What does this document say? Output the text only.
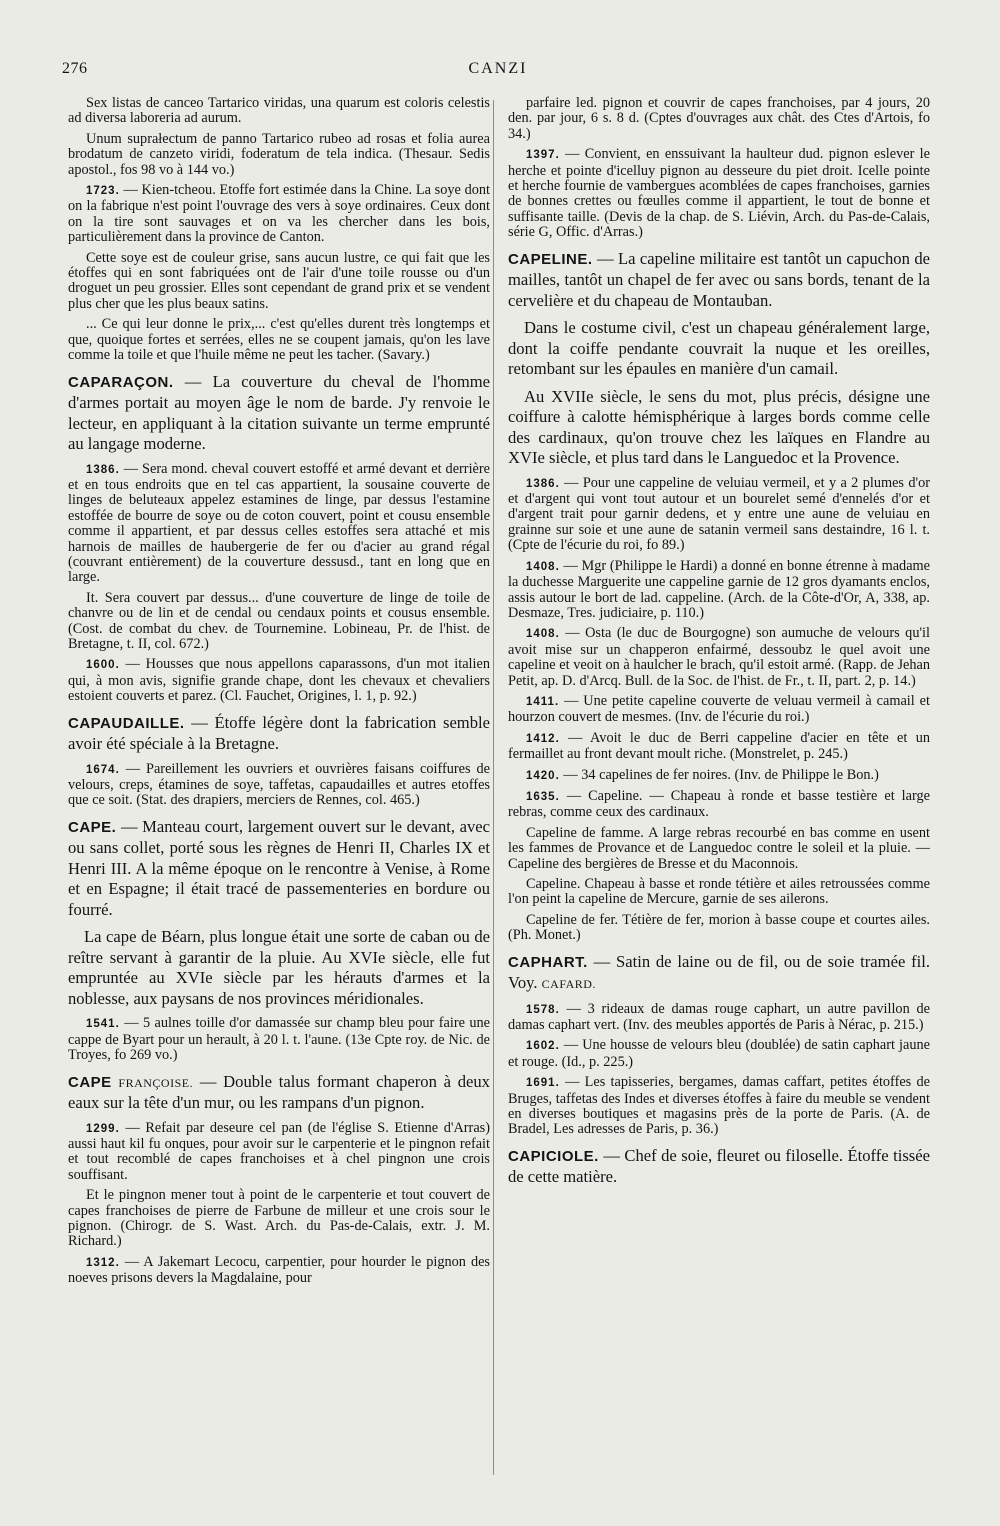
276	CANZI

Sex listas de canceo Tartarico viridas, una quarum est coloris celestis ad diversa laboreria ad aurum.

Unum suprałectum de panno Tartarico rubeo ad rosas et folia aurea brodatum de canzeto viridi, foderatum de tela indica. (Thesaur. Sedis apostol., fos 98 vo à 144 vo.)

1723. — Kien-tcheou. Etoffe fort estimée dans la Chine. La soye dont on la fabrique n'est point l'ouvrage des vers à soye ordinaires. Ceux dont on la tire sont sauvages et on va les chercher dans les bois, particulièrement dans la province de Canton.

Cette soye est de couleur grise, sans aucun lustre, ce qui fait que les étoffes qui en sont fabriquées ont de l'air d'une toile rousse ou d'un droguet un peu grossier. Elles sont cependant de grand prix et se vendent plus cher que les plus beaux satins.

... Ce qui leur donne le prix,... c'est qu'elles durent très longtemps et que, quoique fortes et serrées, elles ne se coupent jamais, qu'on les lave comme la toile et que l'huile même ne peut les tacher. (Savary.)

CAPARAÇON. — La couverture du cheval de l'homme d'armes portait au moyen âge le nom de barde. J'y renvoie le lecteur, en appliquant à la citation suivante un terme emprunté au langage moderne.

1386. — Sera mond. cheval couvert estoffé et armé devant et derrière et en tous endroits que en tel cas appartient, la sousaine couverte de linges de beluteaux appelez estamines de linge, par dessus l'estamine estoffée de bourre de soye ou de coton couvert, point et cousu ensemble comme il appartient, et par dessus celles estoffes sera attaché et mis harnois de mailles de haubergerie de fer ou d'acier au grand régal (couvrant entièrement) de la couverture dessusd., tant en long que en large.

It. Sera couvert par dessus... d'une couverture de linge de toile de chanvre ou de lin et de cendal ou cendaux points et cousus ensemble. (Cost. de combat du chev. de Tournemine. Lobineau, Pr. de l'hist. de Bretagne, t. II, col. 672.)

1600. — Housses que nous appellons caparassons, d'un mot italien qui, à mon avis, signifie grande chape, dont les chevaux et chevaliers estoient couverts et parez. (Cl. Fauchet, Origines, l. 1, p. 92.)

CAPAUDAILLE. — Étoffe légère dont la fabrication semble avoir été spéciale à la Bretagne.

1674. — Pareillement les ouvriers et ouvrières faisans coiffures de velours, creps, étamines de soye, taffetas, capaudailles et autres etoffes que ce soit. (Stat. des drapiers, merciers de Rennes, col. 465.)

CAPE. — Manteau court, largement ouvert sur le devant, avec ou sans collet, porté sous les règnes de Henri II, Charles IX et Henri III. A la même époque on le rencontre à Venise, à Rome et en Espagne; il était tracé de passementeries en bordure ou fourré.

La cape de Béarn, plus longue était une sorte de caban ou de reître servant à garantir de la pluie. Au XVIe siècle, elle fut empruntée au XVIe siècle par les hérauts d'armes et la noblesse, aux paysans de nos provinces méridionales.

1541. — 5 aulnes toille d'or damassée sur champ bleu pour faire une cappe de Byart pour un herault, à 20 l. t. l'aune. (13e Cpte roy. de Nic. de Troyes, fo 269 vo.)

CAPE FRANÇOISE. — Double talus formant chaperon à deux eaux sur la tête d'un mur, ou les rampans d'un pignon.

1299. — Refait par deseure cel pan (de l'église S. Etienne d'Arras) aussi haut kil fu onques, pour avoir sur le carpenterie et le pingnon refait et tout recomblé de capes franchoises et à chel pingnon une crois souffisant.

Et le pingnon mener tout à point de le carpenterie et tout couvert de capes franchoises de pierre de Farbune de milleur et une crois sour le pignon. (Chirogr. de S. Wast. Arch. du Pas-de-Calais, extr. J. M. Richard.)

1312. — A Jakemart Lecocu, carpentier, pour hourder le pignon des noeves prisons devers la Magdalaine, pour

parfaire led. pignon et couvrir de capes franchoises, par 4 jours, 20 den. par jour, 6 s. 8 d. (Cptes d'ouvrages aux chât. des Ctes d'Artois, fo 34.)

1397. — Convient, en enssuivant la haulteur dud. pignon eslever le herche et pointe d'icelluy pignon au desseure du piet droit. Icelle pointe et herche fournie de vambergues acomblées de capes franchoises, garnies de bonnes crettes ou fœulles comme il appartient, le tout de bonne et suffisante taille. (Devis de la chap. de S. Liévin, Arch. du Pas-de-Calais, série G, Offic. d'Arras.)

CAPELINE. — La capeline militaire est tantôt un capuchon de mailles, tantôt un chapel de fer avec ou sans bords, tenant de la cervelière et du chapeau de Montauban.

Dans le costume civil, c'est un chapeau généralement large, dont la coiffe pendante couvrait la nuque et les oreilles, retombant sur les épaules en manière d'un camail.

Au XVIIe siècle, le sens du mot, plus précis, désigne une coiffure à calotte hémisphérique à larges bords comme celle des cardinaux, qu'on trouve chez les laïques en Flandre au XVIe siècle, et plus tard dans le Languedoc et la Provence.

1386. — Pour une cappeline de veluiau vermeil, et y a 2 plumes d'or et d'argent qui vont tout autour et un bourelet semé d'ennelés d'or et d'argent trait pour garnir dedens, et y entre une aune de veluiau en grainne sur soie et une aune de satanin vermeil sans destaindre, 16 l. t. (Cpte de l'écurie du roi, fo 89.)

1408. — Mgr (Philippe le Hardi) a donné en bonne étrenne à madame la duchesse Marguerite une cappeline garnie de 12 gros dyamants enclos, assis autour le bort de lad. cappeline. (Arch. de la Côte-d'Or, A, 338, ap. Desmaze, Tres. judiciaire, p. 110.)

1408. — Osta (le duc de Bourgogne) son aumuche de velours qu'il avoit mise sur un chapperon enfairmé, dessoubz le quel avoit une capeline et veoit on à haulcher le brach, qu'il estoit armé. (Rapp. de Jehan Petit, ap. D. d'Arcq. Bull. de la Soc. de l'hist. de Fr., t. II, part. 2, p. 14.)

1411. — Une petite capeline couverte de veluau vermeil à camail et hourzon couvert de mesmes. (Inv. de l'écurie du roi.)

1412. — Avoit le duc de Berri cappeline d'acier en tête et un fermaillet au front devant moult riche. (Monstrelet, p. 245.)

1420. — 34 capelines de fer noires. (Inv. de Philippe le Bon.)

1635. — Capeline. — Chapeau à ronde et basse testière et large rebras, comme ceux des cardinaux.

Capeline de famme. A large rebras recourbé en bas comme en usent les fammes de Provance et de Languedoc contre le soleil et la pluie. — Capeline des bergières de Bresse et du Maconnois.

Capeline. Chapeau à basse et ronde tétière et ailes retroussées comme l'on peint la capeline de Mercure, garnie de ses ailerons.

Capeline de fer. Tétière de fer, morion à basse coupe et courtes ailes. (Ph. Monet.)

CAPHART. — Satin de laine ou de fil, ou de soie tramée fil. Voy. CAFARD.

1578. — 3 rideaux de damas rouge caphart, un autre pavillon de damas caphart vert. (Inv. des meubles apportés de Paris à Nérac, p. 215.)

1602. — Une housse de velours bleu (doublée) de satin caphart jaune et rouge. (Id., p. 225.)

1691. — Les tapisseries, bergames, damas caffart, petites étoffes de Bruges, taffetas des Indes et diverses étoffes à faire du meuble se vendent en diverses boutiques et magasins près de la porte de Paris. (A. de Bradel, Les adresses de Paris, p. 36.)

CAPICIOLE. — Chef de soie, fleuret ou filoselle. Étoffe tissée de cette matière.
